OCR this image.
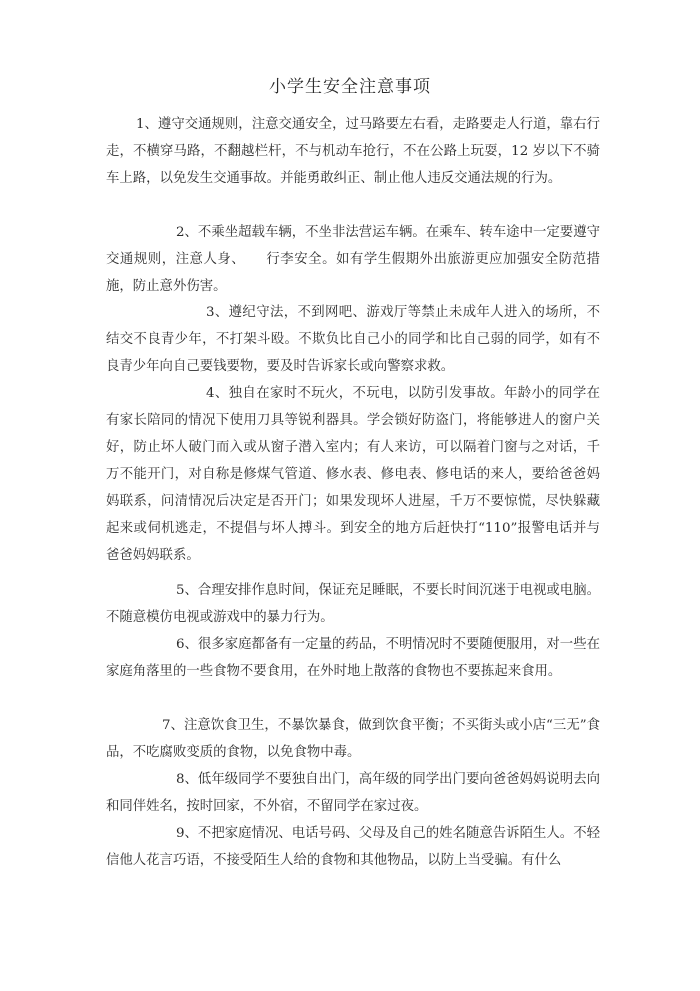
小学生安全注意事项

1、遵守交通规则，注意交通安全，过马路要左右看，走路要走人行道，靠右行走，不横穿马路，不翻越栏杆，不与机动车抢行，不在公路上玩耍，12 岁以下不骑车上路，以免发生交通事故。并能勇敢纠正、制止他人违反交通法规的行为。

2、不乘坐超载车辆，不坐非法营运车辆。在乘车、转车途中一定要遵守交通规则，注意人身、　　行李安全。如有学生假期外出旅游更应加强安全防范措施，防止意外伤害。

3、遵纪守法，不到网吧、游戏厅等禁止未成年人进入的场所，不结交不良青少年，不打架斗殴。不欺负比自己小的同学和比自己弱的同学，如有不良青少年向自己要钱要物，要及时告诉家长或向警察求救。

4、独自在家时不玩火，不玩电，以防引发事故。年龄小的同学在有家长陪同的情况下使用刀具等锐利器具。学会锁好防盗门，将能够进人的窗户关好，防止坏人破门而入或从窗子潜入室内；有人来访，可以隔着门窗与之对话，千万不能开门，对自称是修煤气管道、修水表、修电表、修电话的来人，要给爸爸妈妈联系，问清情况后决定是否开门；如果发现坏人进屋，千万不要惊慌，尽快躲藏起来或伺机逃走，不提倡与坏人搏斗。到安全的地方后赶快打“110”报警电话并与爸爸妈妈联系。

5、合理安排作息时间，保证充足睡眠，不要长时间沉迷于电视或电脑。不随意模仿电视或游戏中的暴力行为。

6、很多家庭都备有一定量的药品，不明情况时不要随便服用，对一些在家庭角落里的一些食物不要食用，在外时地上散落的食物也不要拣起来食用。

7、注意饮食卫生，不暴饮暴食，做到饮食平衡；不买街头或小店“三无”食品，不吃腐败变质的食物，以免食物中毒。

8、低年级同学不要独自出门，高年级的同学出门要向爸爸妈妈说明去向和同伴姓名，按时回家，不外宿，不留同学在家过夜。

9、不把家庭情况、电话号码、父母及自己的姓名随意告诉陌生人。不轻信他人花言巧语，不接受陌生人给的食物和其他物品，以防上当受骗。有什么
